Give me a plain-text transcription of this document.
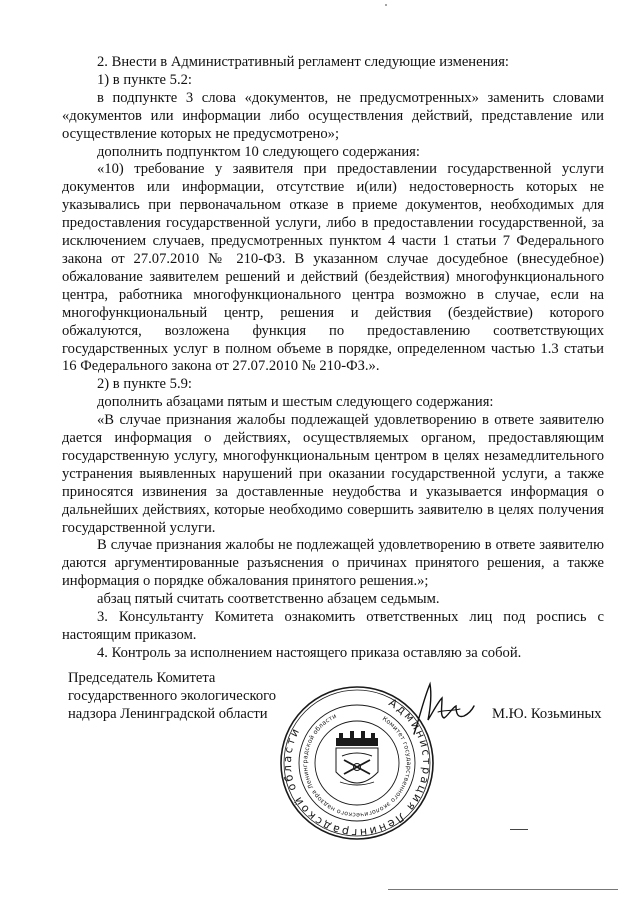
2. Внести в Административный регламент следующие изменения:

1) в пункте 5.2:

в подпункте 3 слова «документов, не предусмотренных» заменить словами «документов или информации либо осуществления действий, представление или осуществление которых не предусмотрено»;

дополнить подпунктом 10 следующего содержания:

«10) требование у заявителя при предоставлении государственной услуги документов или информации, отсутствие и(или) недостоверность которых не указывались при первоначальном отказе в приеме документов, необходимых для предоставления государственной услуги, либо в предоставлении государственной, за исключением случаев, предусмотренных пунктом 4 части 1 статьи 7 Федерального закона от 27.07.2010 № 210-ФЗ. В указанном случае досудебное (внесудебное) обжалование заявителем решений и действий (бездействия) многофункционального центра, работника многофункционального центра возможно в случае, если на многофункциональный центр, решения и действия (бездействие) которого обжалуются, возложена функция по предоставлению соответствующих государственных услуг в полном объеме в порядке, определенном частью 1.3 статьи 16 Федерального закона от 27.07.2010 № 210-ФЗ.».

2) в пункте 5.9:

дополнить абзацами пятым и шестым следующего содержания:

«В случае признания жалобы подлежащей удовлетворению в ответе заявителю дается информация о действиях, осуществляемых органом, предоставляющим государственную услугу, многофункциональным центром в целях незамедлительного устранения выявленных нарушений при оказании государственной услуги, а также приносятся извинения за доставленные неудобства и указывается информация о дальнейших действиях, которые необходимо совершить заявителю в целях получения государственной услуги.

В случае признания жалобы не подлежащей удовлетворению в ответе заявителю даются аргументированные разъяснения о причинах принятого решения, а также информация о порядке обжалования принятого решения.»;

абзац пятый считать соответственно абзацем седьмым.

3. Консультанту Комитета ознакомить ответственных лиц под роспись с настоящим приказом.

4. Контроль за исполнением настоящего приказа оставляю за собой.

Председатель Комитета
государственного экологического
надзора Ленинградской области	М.Ю. Козьминых
Администрация Ленинградской области
Комитет государственного экологического надзора Ленинградской области
